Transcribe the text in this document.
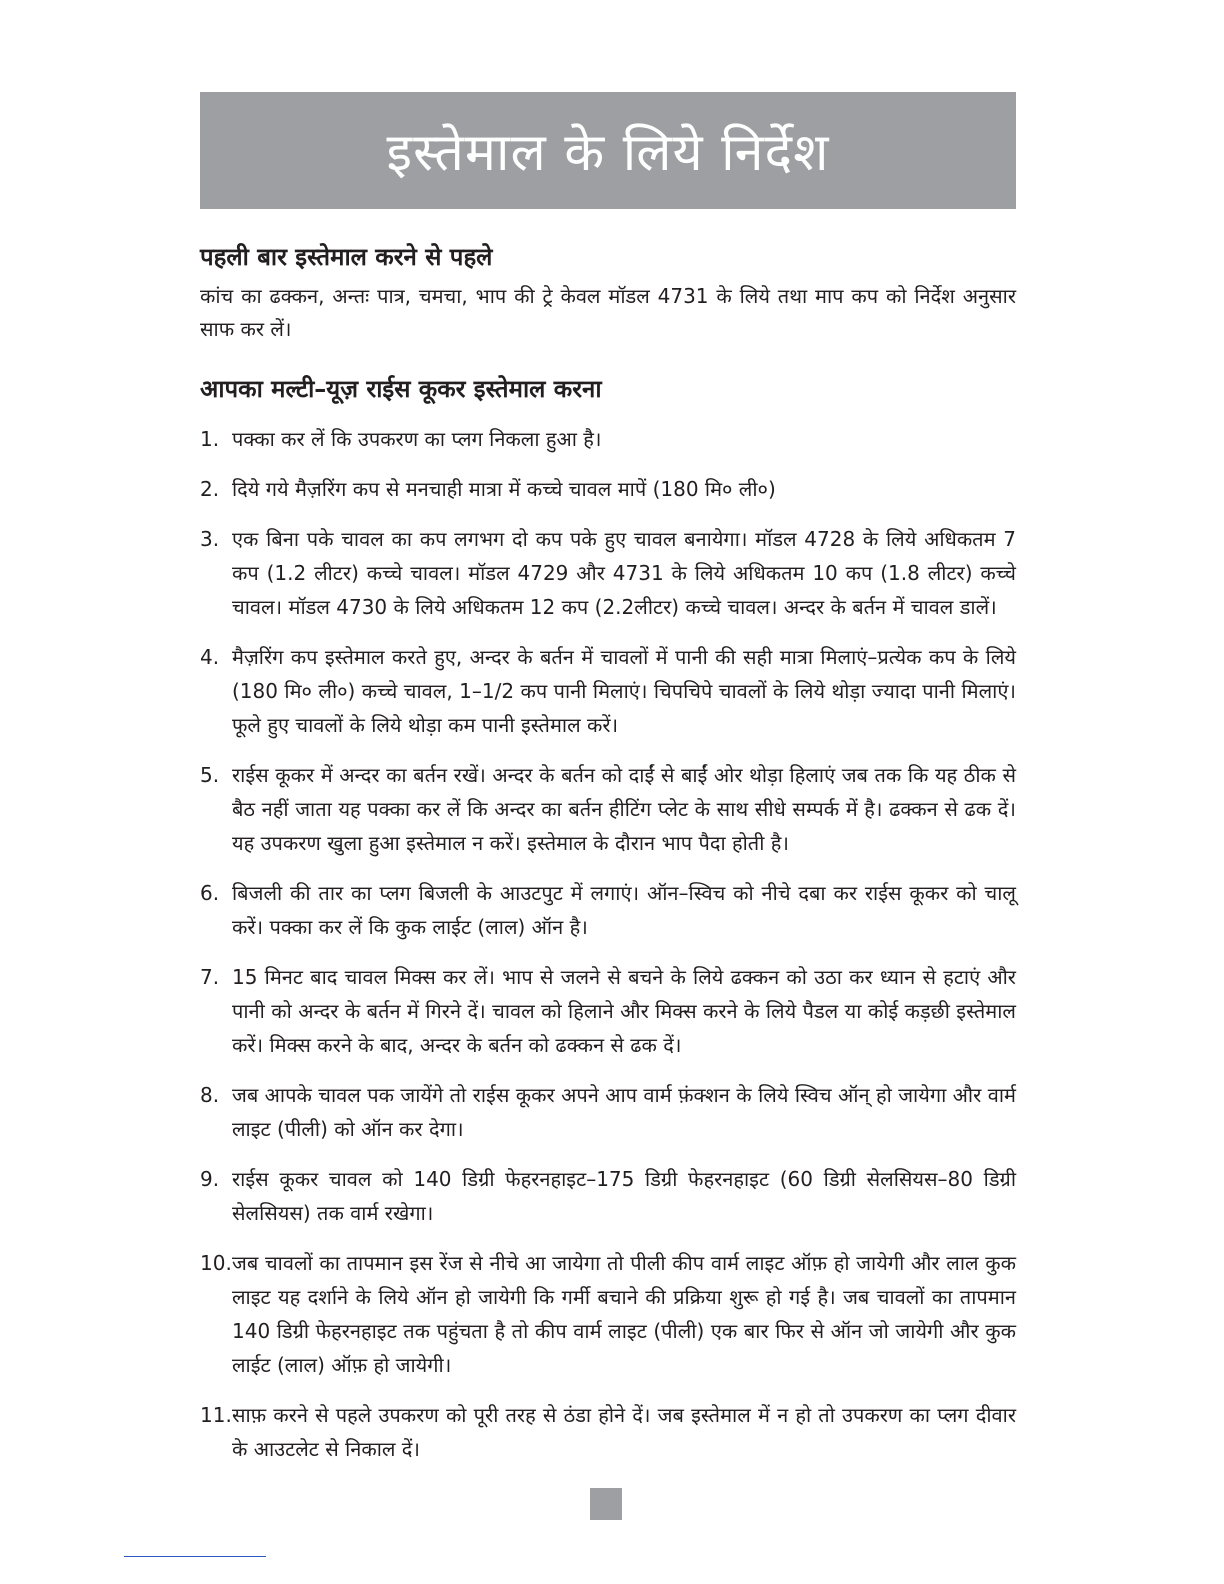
इस्तेमाल के लिये निर्देश
पहली बार इस्तेमाल करने से पहले

कांच का ढक्कन, अन्तः पात्र, चमचा, भाप की ट्रे केवल मॉडल 4731 के लिये तथा माप कप को निर्देश अनुसार साफ कर लें।

आपका मल्टी–यूज़ राईस कूकर इस्तेमाल करना
1. पक्का कर लें कि उपकरण का प्लग निकला हुआ है।
2. दिये गये मैज़रिंग कप से मनचाही मात्रा में कच्चे चावल मापें (180 मि० ली०)
3. एक बिना पके चावल का कप लगभग दो कप पके हुए चावल बनायेगा। मॉडल 4728 के लिये अधिकतम 7 कप (1.2 लीटर) कच्चे चावल। मॉडल 4729 और 4731 के लिये अधिकतम 10 कप (1.8 लीटर) कच्चे चावल। मॉडल 4730 के लिये अधिकतम 12 कप (2.2लीटर) कच्चे चावल। अन्दर के बर्तन में चावल डालें।
4. मैज़रिंग कप इस्तेमाल करते हुए, अन्दर के बर्तन में चावलों में पानी की सही मात्रा मिलाएं–प्रत्येक कप के लिये (180 मि० ली०) कच्चे चावल, 1–1/2 कप पानी मिलाएं। चिपचिपे चावलों के लिये थोड़ा ज्यादा पानी मिलाएं। फूले हुए चावलों के लिये थोड़ा कम पानी इस्तेमाल करें।
5. राईस कूकर में अन्दर का बर्तन रखें। अन्दर के बर्तन को दाईं से बाईं ओर थोड़ा हिलाएं जब तक कि यह ठीक से बैठ नहीं जाता यह पक्का कर लें कि अन्दर का बर्तन हीटिंग प्लेट के साथ सीधे सम्पर्क में है। ढक्कन से ढक दें। यह उपकरण खुला हुआ इस्तेमाल न करें। इस्तेमाल के दौरान भाप पैदा होती है।
6. बिजली की तार का प्लग बिजली के आउटपुट में लगाएं। ऑन–स्विच को नीचे दबा कर राईस कूकर को चालू करें। पक्का कर लें कि कुक लाईट (लाल) ऑन है।
7. 15 मिनट बाद चावल मिक्स कर लें। भाप से जलने से बचने के लिये ढक्कन को उठा कर ध्यान से हटाएं और पानी को अन्दर के बर्तन में गिरने दें। चावल को हिलाने और मिक्स करने के लिये पैडल या कोई कड़छी इस्तेमाल करें। मिक्स करने के बाद, अन्दर के बर्तन को ढक्कन से ढक दें।
8. जब आपके चावल पक जायेंगे तो राईस कूकर अपने आप वार्म फ़ंक्शन के लिये स्विच ऑन् हो जायेगा और वार्म लाइट (पीली) को ऑन कर देगा।
9. राईस कूकर चावल को 140 डिग्री फेहरनहाइट–175 डिग्री फेहरनहाइट (60 डिग्री सेलसियस–80 डिग्री सेलसियस) तक वार्म रखेगा।
10. जब चावलों का तापमान इस रेंज से नीचे आ जायेगा तो पीली कीप वार्म लाइट ऑफ़ हो जायेगी और लाल कुक लाइट यह दर्शाने के लिये ऑन हो जायेगी कि गर्मी बचाने की प्रक्रिया शुरू हो गई है। जब चावलों का तापमान 140 डिग्री फेहरनहाइट तक पहुंचता है तो कीप वार्म लाइट (पीली) एक बार फिर से ऑन जो जायेगी और कुक लाईट (लाल) ऑफ़ हो जायेगी।
11. साफ़ करने से पहले उपकरण को पूरी तरह से ठंडा होने दें। जब इस्तेमाल में न हो तो उपकरण का प्लग दीवार के आउटलेट से निकाल दें।
